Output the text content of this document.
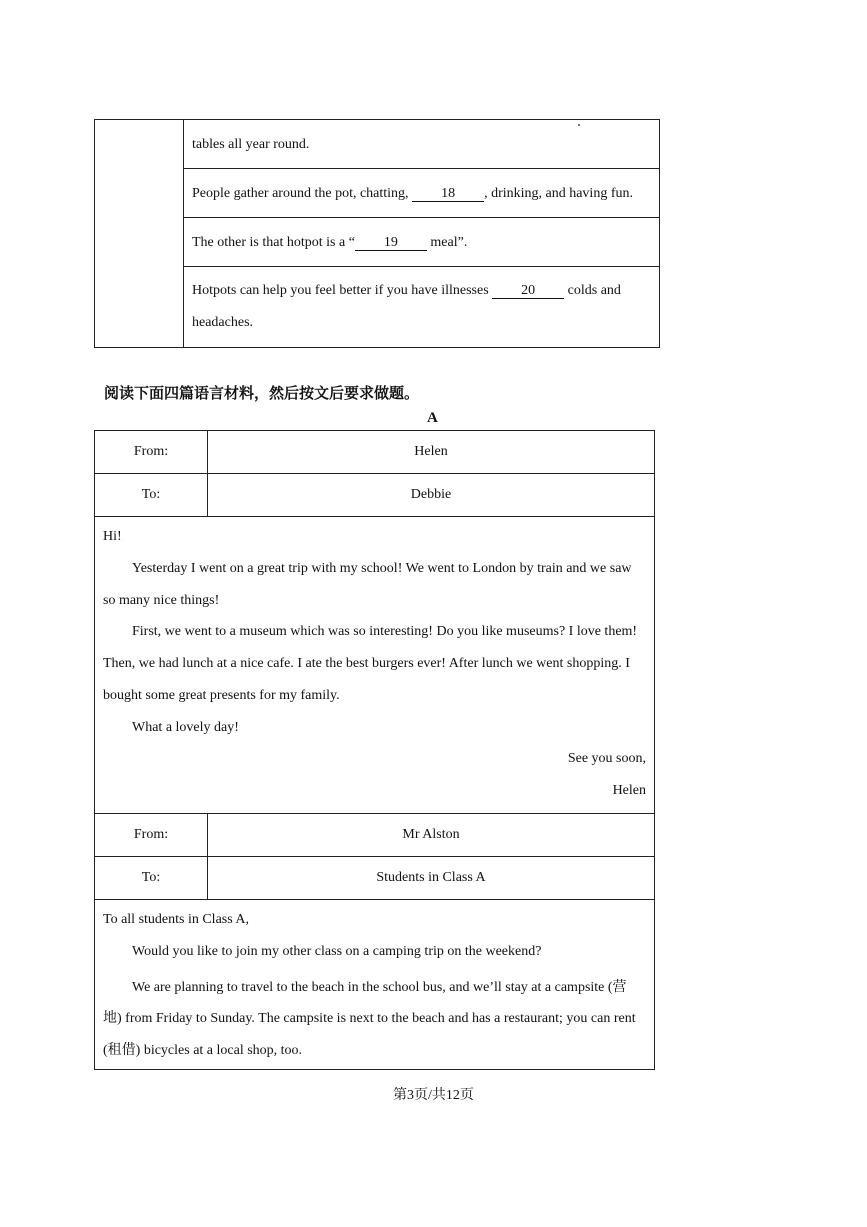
tables all year round.
People gather around the pot, chatting, 18 , drinking, and having fun.
The other is that hotpot is a “ 19 meal”.
Hotpots can help you feel better if you have illnesses 20 colds and
headaches.
阅读下面四篇语言材料，然后按文后要求做题。
A
From:	Helen
To:	Debbie
Hi!
Yesterday I went on a great trip with my school! We went to London by train and we saw
so many nice things!
First, we went to a museum which was so interesting! Do you like museums? I love them!
Then, we had lunch at a nice cafe. I ate the best burgers ever! After lunch we went shopping. I
bought some great presents for my family.
What a lovely day!
See you soon,
Helen
From:	Mr Alston
To:	Students in Class A
To all students in Class A,
Would you like to join my other class on a camping trip on the weekend?
We are planning to travel to the beach in the school bus, and we’ll stay at a campsite (营
地) from Friday to Sunday. The campsite is next to the beach and has a restaurant; you can rent
(租借) bicycles at a local shop, too.
第3页/共12页
